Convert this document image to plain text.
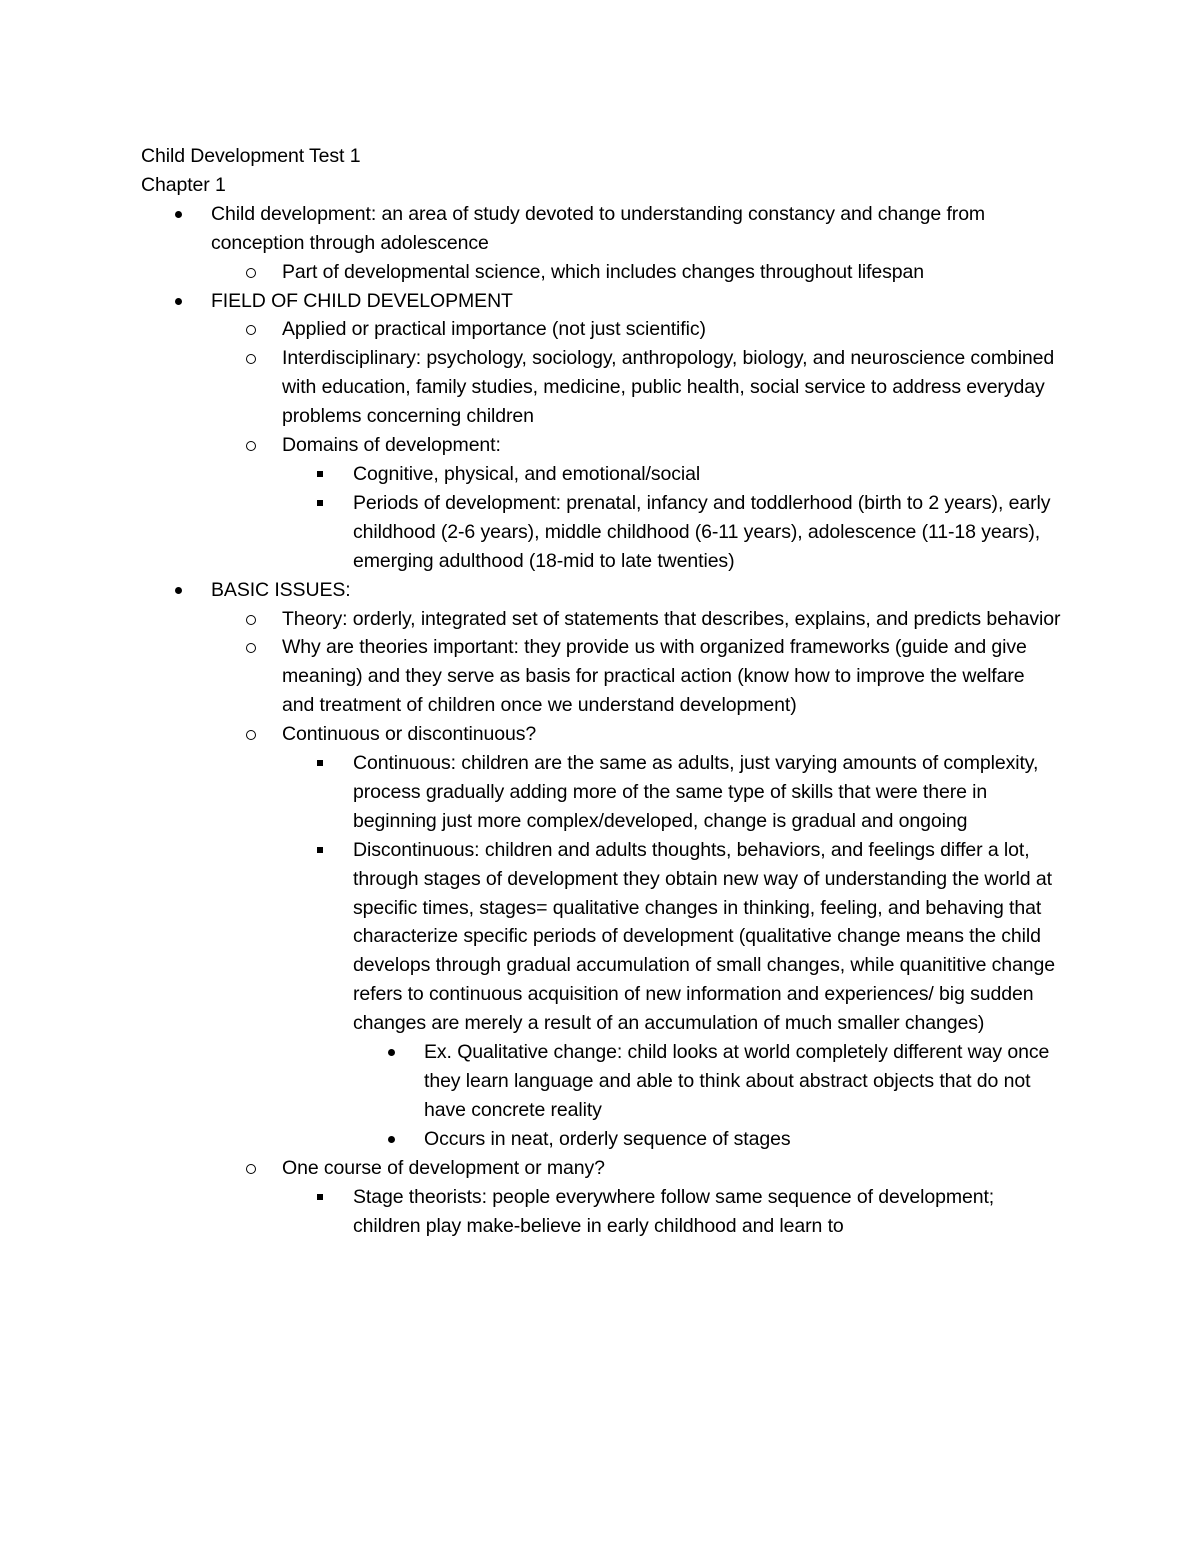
Child Development Test 1

Chapter 1

Child development: an area of study devoted to understanding constancy and change from conception through adolescence
Part of developmental science, which includes changes throughout lifespan
FIELD OF CHILD DEVELOPMENT
Applied or practical importance (not just scientific)
Interdisciplinary: psychology, sociology, anthropology, biology, and neuroscience combined with education, family studies, medicine, public health, social service to address everyday problems concerning children
Domains of development:
Cognitive, physical, and emotional/social
Periods of development: prenatal, infancy and toddlerhood (birth to 2 years), early childhood (2-6 years), middle childhood (6-11 years), adolescence (11-18 years), emerging adulthood (18-mid to late twenties)
BASIC ISSUES:
Theory: orderly, integrated set of statements that describes, explains, and predicts behavior
Why are theories important: they provide us with organized frameworks (guide and give meaning) and they serve as basis for practical action (know how to improve the welfare and treatment of children once we understand development)
Continuous or discontinuous?
Continuous: children are the same as adults, just varying amounts of complexity, process gradually adding more of the same type of skills that were there in beginning just more complex/developed, change is gradual and ongoing
Discontinuous: children and adults thoughts, behaviors, and feelings differ a lot, through stages of development they obtain new way of understanding the world at specific times, stages= qualitative changes in thinking, feeling, and behaving that characterize specific periods of development (qualitative change means the child develops through gradual accumulation of small changes, while quanititive change refers to continuous acquisition of new information and experiences/ big sudden changes are merely a result of an accumulation of much smaller changes)
Ex. Qualitative change: child looks at world completely different way once they learn language and able to think about abstract objects that do not have concrete reality
Occurs in neat, orderly sequence of stages
One course of development or many?
Stage theorists: people everywhere follow same sequence of development; children play make-believe in early childhood and learn to
